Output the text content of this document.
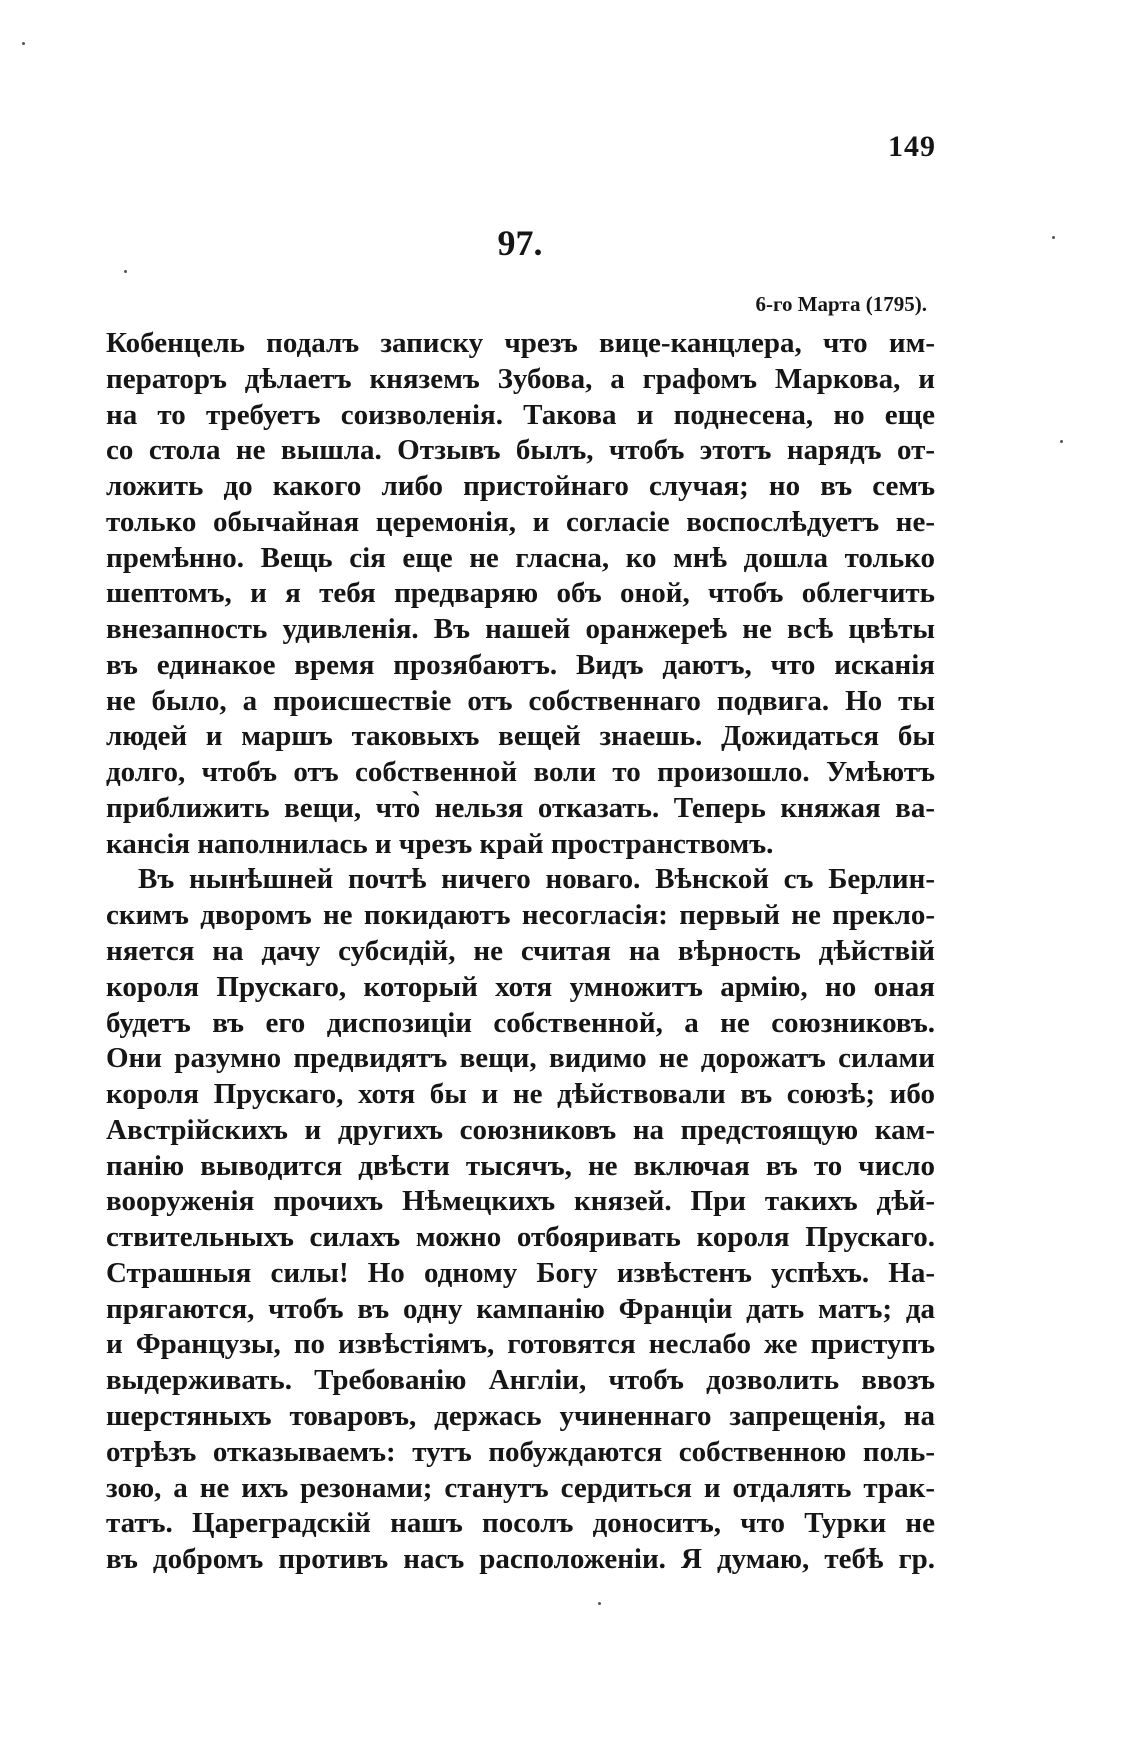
149
97.
6-го Марта (1795).
Кобенцель подалъ записку чрезъ вице-канцлера, что им-
ператоръ дѣлаетъ княземъ Зубова, а графомъ Маркова, и
на то требуетъ соизволенія. Такова и поднесена, но еще
со стола не вышла. Отзывъ былъ, чтобъ этотъ нарядъ от-
ложить до какого либо пристойнаго случая; но въ семъ
только обычайная церемонія, и согласіе воспослѣдуетъ не-
премѣнно. Вещь сія еще не гласна, ко мнѣ дошла только
шептомъ, и я тебя предваряю объ оной, чтобъ облегчить
внезапность удивленія. Въ нашей оранжереѣ не всѣ цвѣты
въ единакое время прозябаютъ. Видъ даютъ, что исканія
не было, а происшествіе отъ собственнаго подвига. Но ты
людей и маршъ таковыхъ вещей знаешь. Дожидаться бы
долго, чтобъ отъ собственной воли то произошло. Умѣютъ
приближить вещи, что̀ нельзя отказать. Теперь княжая ва-
кансія наполнилась и чрезъ край пространствомъ.
Въ нынѣшней почтѣ ничего новаго. Вѣнской съ Берлин-
скимъ дворомъ не покидаютъ несогласія: первый не прекло-
няется на дачу субсидій, не считая на вѣрность дѣйствій
короля Прускаго, который хотя умножитъ армію, но оная
будетъ въ его диспозиціи собственной, а не союзниковъ.
Они разумно предвидятъ вещи, видимо не дорожатъ силами
короля Прускаго, хотя бы и не дѣйствовали въ союзѣ; ибо
Австрійскихъ и другихъ союзниковъ на предстоящую кам-
панію выводится двѣсти тысячъ, не включая въ то число
вооруженія прочихъ Нѣмецкихъ князей. При такихъ дѣй-
ствительныхъ силахъ можно отбояривать короля Прускаго.
Страшныя силы! Но одному Богу извѣстенъ успѣхъ. На-
прягаются, чтобъ въ одну кампанію Франціи дать матъ; да
и Французы, по извѣстіямъ, готовятся неслабо же приступъ
выдерживать. Требованію Англіи, чтобъ дозволить ввозъ
шерстяныхъ товаровъ, держась учиненнаго запрещенія, на
отрѣзъ отказываемъ: тутъ побуждаются собственною поль-
зою, а не ихъ резонами; станутъ сердиться и отдалять трак-
татъ. Цареградскій нашъ посолъ доноситъ, что Турки не
въ добромъ противъ насъ расположеніи. Я думаю, тебѣ гр.
